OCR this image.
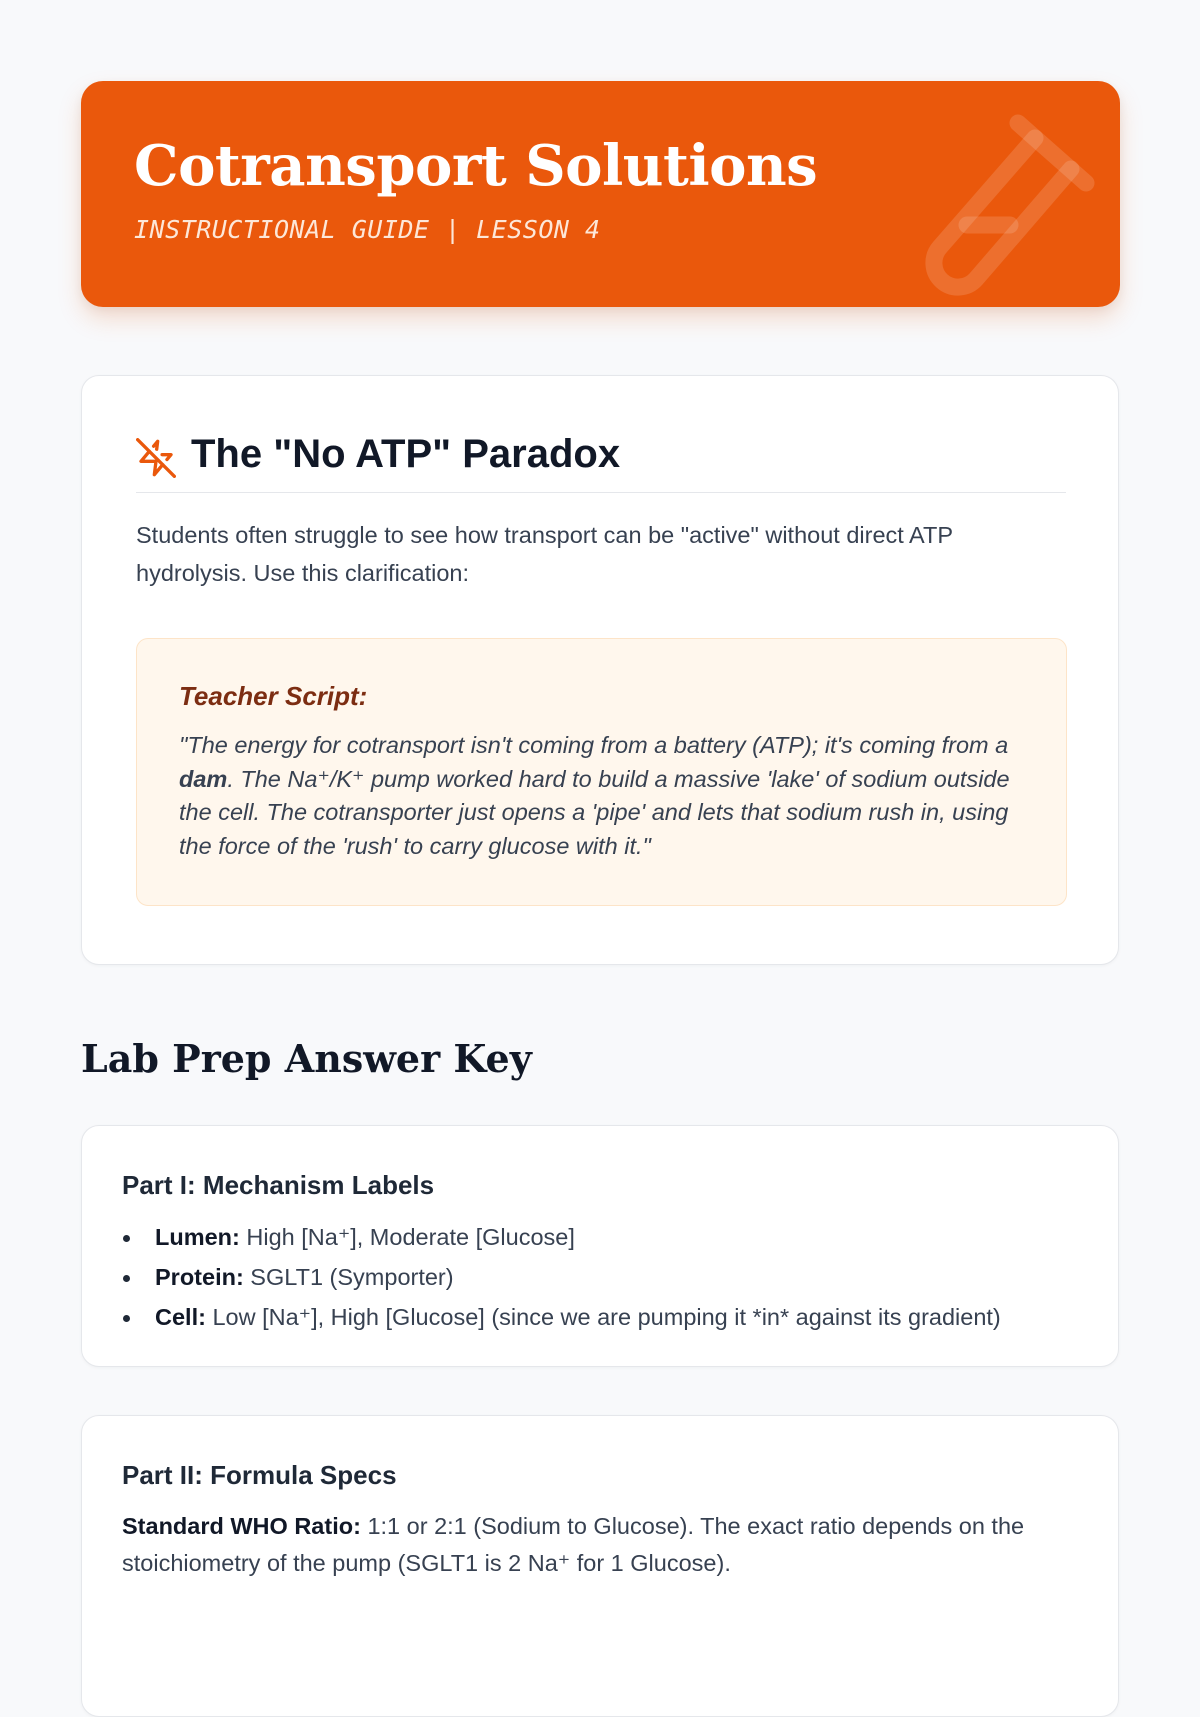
Cotransport Solutions
INSTRUCTIONAL GUIDE | LESSON 4
The "No ATP" Paradox

Students often struggle to see how transport can be "active" without direct ATP hydrolysis. Use this clarification:

Teacher Script:

"The energy for cotransport isn't coming from a battery (ATP); it's coming from a dam. The Na⁺/K⁺ pump worked hard to build a massive 'lake' of sodium outside the cell. The cotransporter just opens a 'pipe' and lets that sodium rush in, using the force of the 'rush' to carry glucose with it."

Lab Prep Answer Key
Part I: Mechanism Labels
Lumen: High [Na⁺], Moderate [Glucose]
Protein: SGLT1 (Symporter)
Cell: Low [Na⁺], High [Glucose] (since we are pumping it *in* against its gradient)
Part II: Formula Specs

Standard WHO Ratio: 1:1 or 2:1 (Sodium to Glucose). The exact ratio depends on the stoichiometry of the pump (SGLT1 is 2 Na⁺ for 1 Glucose).
